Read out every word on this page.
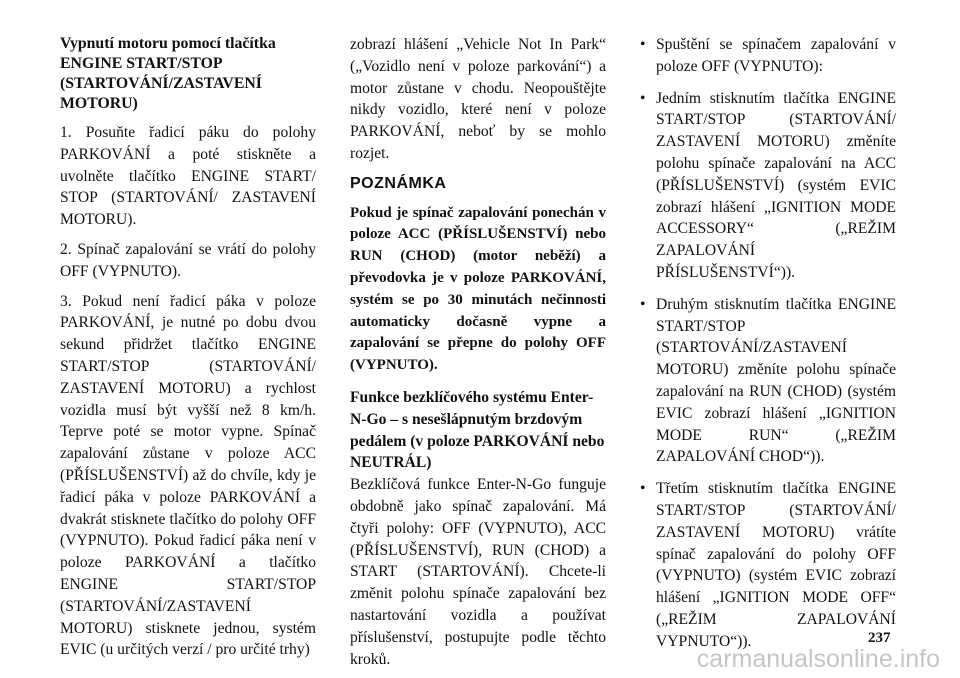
Vypnutí motoru pomocí tlačítka ENGINE START/STOP (STARTOVÁNÍ/ZASTAVENÍ MOTORU)

1. Posuňte řadicí páku do polohy PARKOVÁNÍ a poté stiskněte a uvolněte tlačítko ENGINE START/ STOP (STARTOVÁNÍ/ ZASTAVENÍ MOTORU).

2. Spínač zapalování se vrátí do polohy OFF (VYPNUTO).

3. Pokud není řadicí páka v poloze PARKOVÁNÍ, je nutné po dobu dvou sekund přidržet tlačítko ENGINE START/STOP (STARTOVÁNÍ/ ZASTAVENÍ MOTORU) a rychlost vozidla musí být vyšší než 8 km/h. Teprve poté se motor vypne. Spínač zapalování zůstane v poloze ACC (PŘÍSLUŠENSTVÍ) až do chvíle, kdy je řadicí páka v poloze PARKOVÁNÍ a dvakrát stisknete tlačítko do polohy OFF (VYPNUTO). Pokud řadicí páka není v poloze PARKOVÁNÍ a tlačítko ENGINE START/STOP (STARTOVÁNÍ/ZASTAVENÍ MOTORU) stisknete jednou, systém EVIC (u určitých verzí / pro určité trhy)

zobrazí hlášení „Vehicle Not In Park“ („Vozidlo není v poloze parkování“) a motor zůstane v chodu. Neopouštějte nikdy vozidlo, které není v poloze PARKOVÁNÍ, neboť by se mohlo rozjet.

POZNÁMKA

Pokud je spínač zapalování ponechán v poloze ACC (PŘÍSLUŠENSTVÍ) nebo RUN (CHOD) (motor neběží) a převodovka je v poloze PARKOVÁNÍ, systém se po 30 minutách nečinnosti automaticky dočasně vypne a zapalování se přepne do polohy OFF (VYPNUTO).

Funkce bezklíčového systému Enter-N-Go – s nesešlápnutým brzdovým pedálem (v poloze PARKOVÁNÍ nebo NEUTRÁL)

Bezklíčová funkce Enter-N-Go funguje obdobně jako spínač zapalování. Má čtyři polohy: OFF (VYPNUTO), ACC (PŘÍSLUŠENSTVÍ), RUN (CHOD) a START (STARTOVÁNÍ). Chcete-li změnit polohu spínače zapalování bez nastartování vozidla a používat příslušenství, postupujte podle těchto kroků.

• Spuštění se spínačem zapalování v poloze OFF (VYPNUTO):
• Jedním stisknutím tlačítka ENGINE START/STOP (STARTOVÁNÍ/ ZASTAVENÍ MOTORU) změníte polohu spínače zapalování na ACC (PŘÍSLUŠENSTVÍ) (systém EVIC zobrazí hlášení „IGNITION MODE ACCESSORY“ („REŽIM ZAPALOVÁNÍ PŘÍSLUŠENSTVÍ“)).
• Druhým stisknutím tlačítka ENGINE START/STOP (STARTOVÁNÍ/ZASTAVENÍ MOTORU) změníte polohu spínače zapalování na RUN (CHOD) (systém EVIC zobrazí hlášení „IGNITION MODE RUN“ („REŽIM ZAPALOVÁNÍ CHOD“)).
• Třetím stisknutím tlačítka ENGINE START/STOP (STARTOVÁNÍ/ ZASTAVENÍ MOTORU) vrátíte spínač zapalování do polohy OFF (VYPNUTO) (systém EVIC zobrazí hlášení „IGNITION MODE OFF“ („REŽIM ZAPALOVÁNÍ VYPNUTO“)).	237
carmanualsonline.info
